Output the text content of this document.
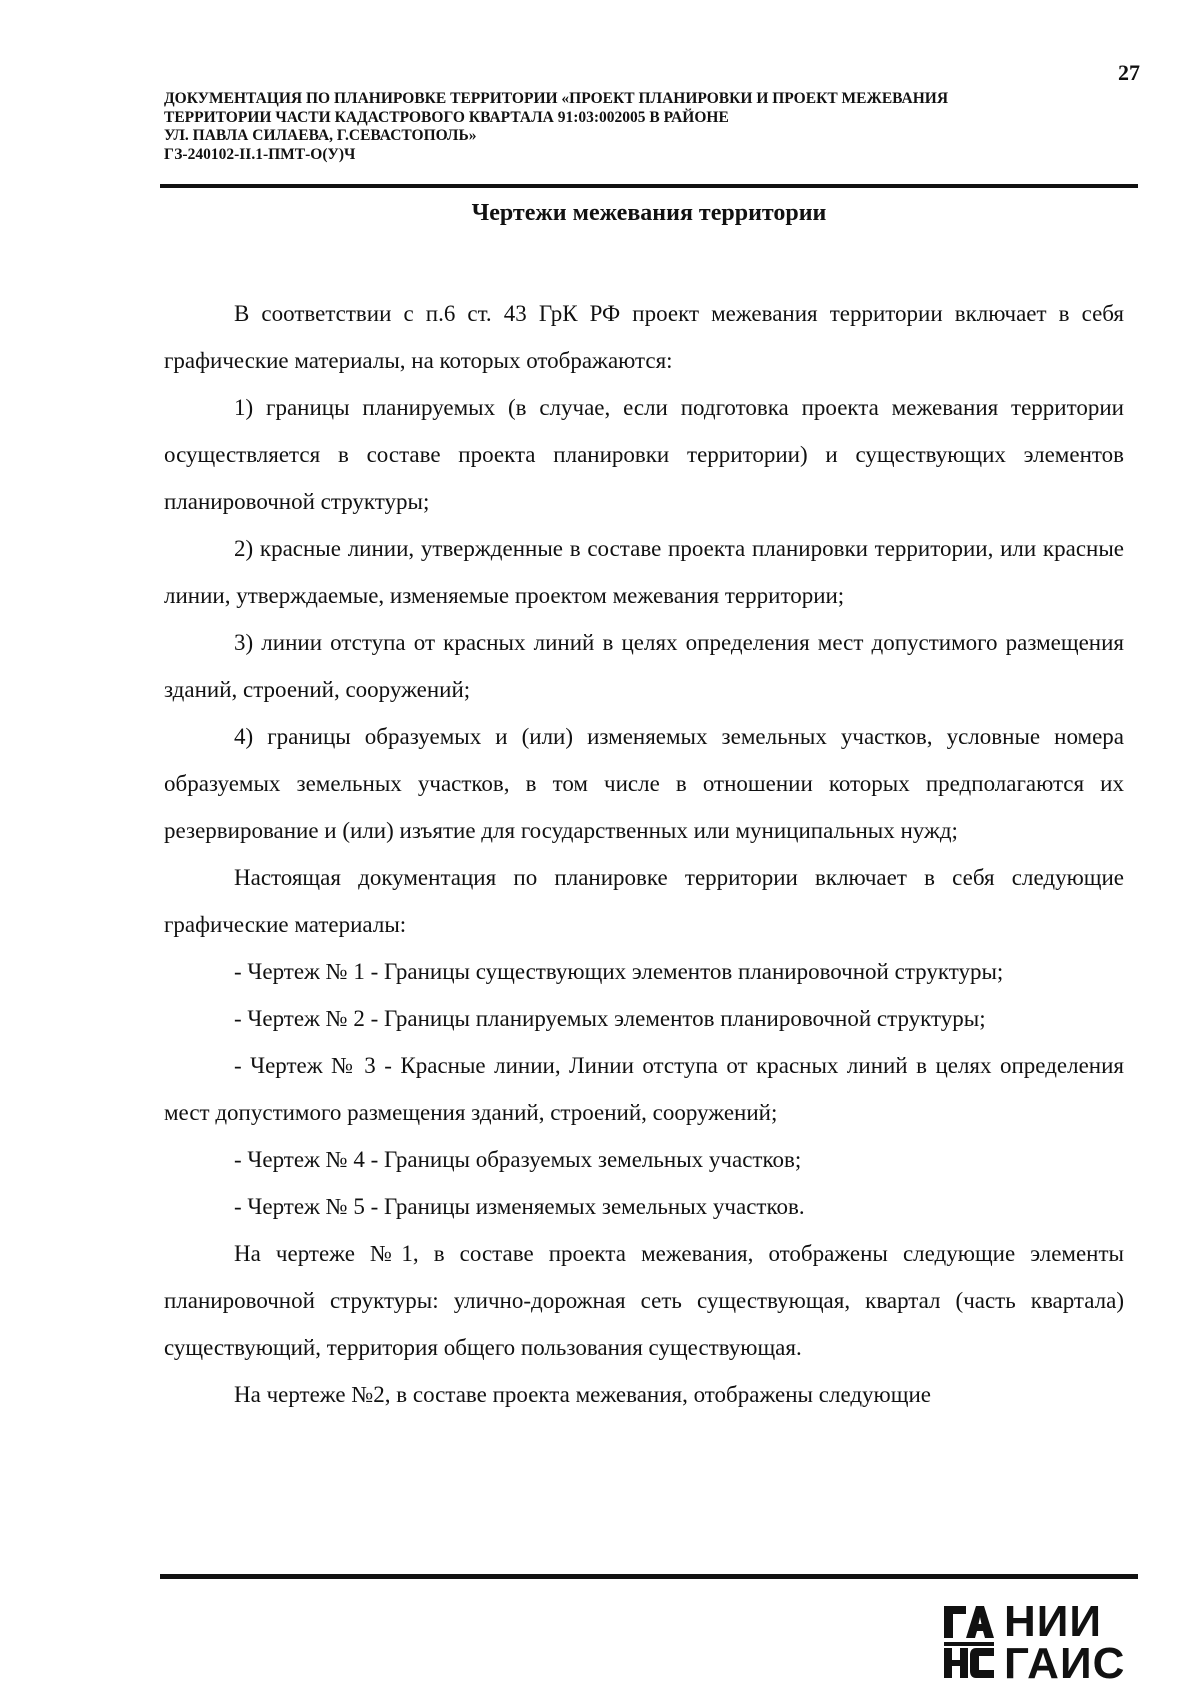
27
ДОКУМЕНТАЦИЯ ПО ПЛАНИРОВКЕ ТЕРРИТОРИИ «ПРОЕКТ ПЛАНИРОВКИ И ПРОЕКТ МЕЖЕВАНИЯ
ТЕРРИТОРИИ ЧАСТИ КАДАСТРОВОГО КВАРТАЛА 91:03:002005 В РАЙОНЕ
УЛ. ПАВЛА СИЛАЕВА, Г.СЕВАСТОПОЛЬ»
ГЗ-240102-II.1-ПМТ-О(У)Ч
Чертежи межевания территории

В соответствии с п.6 ст. 43 ГрК РФ проект межевания территории включает в себя графические материалы, на которых отображаются:

1) границы планируемых (в случае, если подготовка проекта межевания территории осуществляется в составе проекта планировки территории) и существующих элементов планировочной структуры;

2) красные линии, утвержденные в составе проекта планировки территории, или красные линии, утверждаемые, изменяемые проектом межевания территории;

3) линии отступа от красных линий в целях определения мест допустимого размещения зданий, строений, сооружений;

4) границы образуемых и (или) изменяемых земельных участков, условные номера образуемых земельных участков, в том числе в отношении которых предполагаются их резервирование и (или) изъятие для государственных или муниципальных нужд;

Настоящая документация по планировке территории включает в себя следующие графические материалы:

- Чертеж № 1 - Границы существующих элементов планировочной структуры;

- Чертеж № 2 - Границы планируемых элементов планировочной структуры;

- Чертеж № 3 - Красные линии, Линии отступа от красных линий в целях определения мест допустимого размещения зданий, строений, сооружений;

- Чертеж № 4 - Границы образуемых земельных участков;

- Чертеж № 5 - Границы изменяемых земельных участков.

На чертеже №1, в составе проекта межевания, отображены следующие элементы планировочной структуры: улично-дорожная сеть существующая, квартал (часть квартала) существующий, территория общего пользования существующая.

На чертеже №2, в составе проекта межевания, отображены следующие

НИИ
ГАИС
